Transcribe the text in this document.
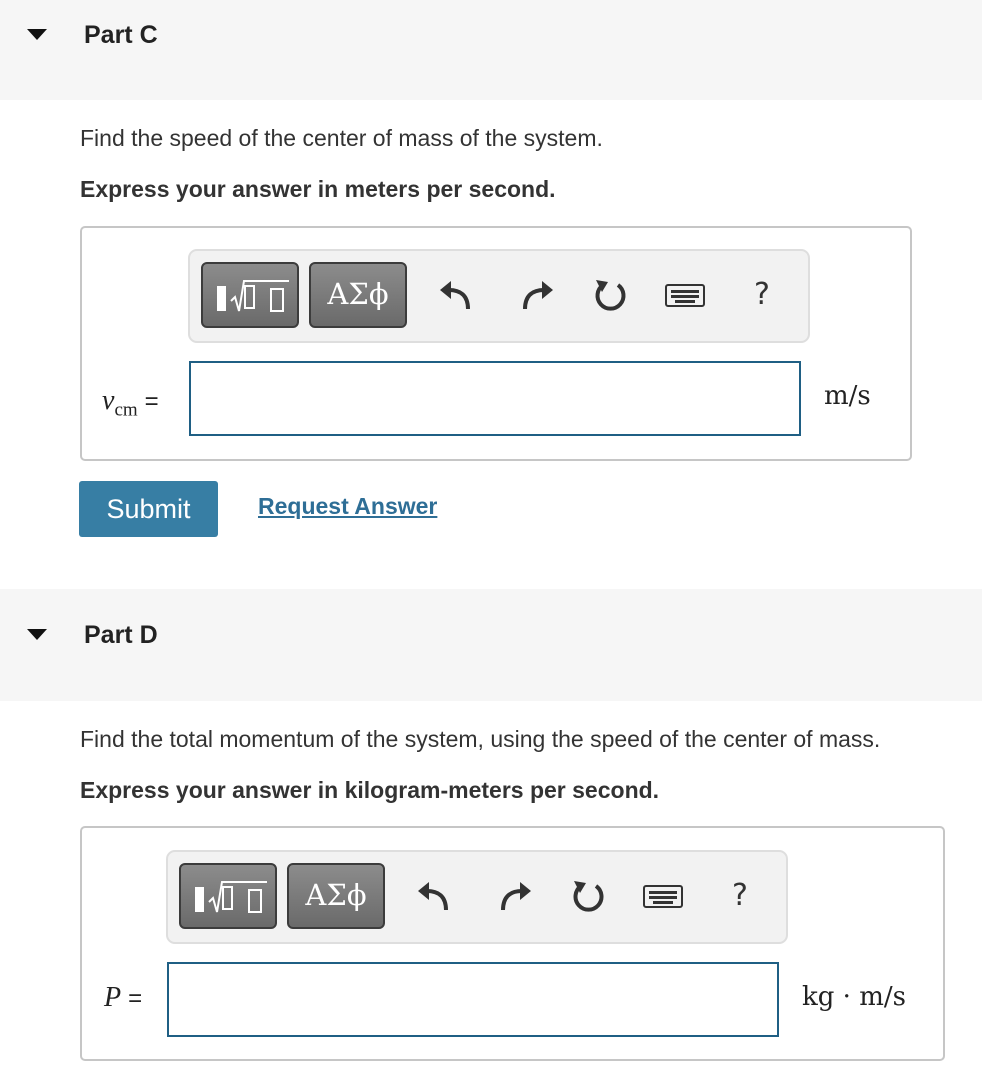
Part C
Find the speed of the center of mass of the system.
Express your answer in meters per second.
ΑΣϕ	?
$v_{cm}$ =	m/s
Submit	Request Answer
Part D
Find the total momentum of the system, using the speed of the center of mass.
Express your answer in kilogram-meters per second.
ΑΣϕ	?
P =	kg · m/s
